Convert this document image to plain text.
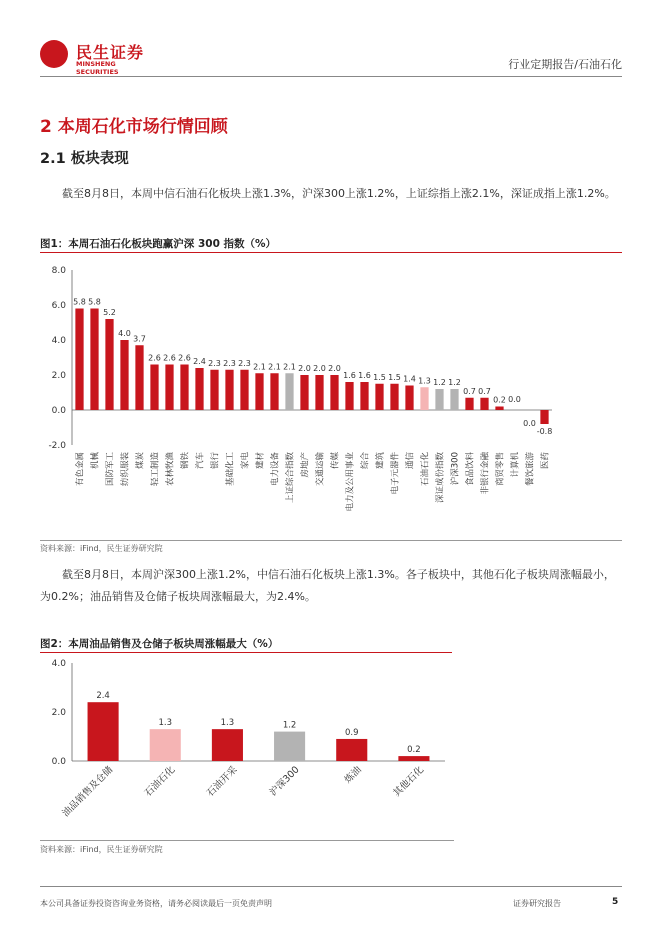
民生证券
MINSHENG SECURITIES
行业定期报告/石油石化
2 本周石化市场行情回顾
2.1 板块表现

截至8月8日，本周中信石油石化板块上涨1.3%，沪深300上涨1.2%，上证综指上涨2.1%，深证成指上涨1.2%。

图1：本周石油石化板块跑赢沪深 300 指数（%）
8.0
6.0
4.0
2.0
0.0
-2.0
5.8
有色金属
5.8
机械
5.2
国防军工
4.0
纺织服装
3.7
煤炭
2.6
轻工制造
2.6
农林牧渔
2.6
钢铁
2.4
汽车
2.3
银行
2.3
基础化工
2.3
家电
2.1
建材
2.1
电力设备
2.1
上证综合指数
2.0
房地产
2.0
交通运输
2.0
传媒
1.6
电力及公用事业
1.6
综合
1.5
建筑
1.5
电子元器件
1.4
通信
1.3
石油石化
1.2
深证成份指数
1.2
沪深300
0.7
食品饮料
0.7
非银行金融
0.2
商贸零售
0.0
计算机
0.0
餐饮旅游
-0.8
医药
资料来源：iFind，民生证券研究院

截至8月8日，本周沪深300上涨1.2%，中信石油石化板块上涨1.3%。各子板块中，其他石化子板块周涨幅最小，为0.2%；油品销售及仓储子板块周涨幅最大，为2.4%。

图2：本周油品销售及仓储子板块周涨幅最大（%）
4.0
2.0
0.0
2.4
油品销售及仓储
1.3
石油石化
1.3
石油开采
1.2
沪深300
0.9
炼油
0.2
其他石化
资料来源：iFind，民生证券研究院
本公司具备证券投资咨询业务资格，请务必阅读最后一页免责声明	证券研究报告	5
